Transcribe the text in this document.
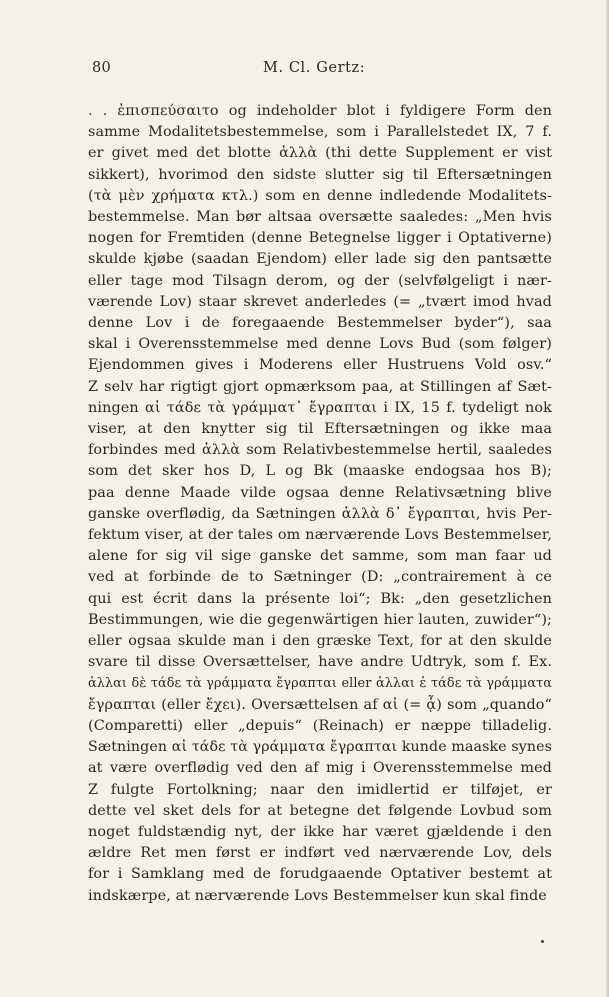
80	M. Cl. Gertz:
. . ἐπισπεύσαιτο og indeholder blot i fyldigere Form den
samme Modalitetsbestemmelse, som i Parallelstedet IX, 7 f.
er givet med det blotte ἀλλὰ (thi dette Supplement er vist
sikkert), hvorimod den sidste slutter sig til Eftersætningen
(τὰ μὲν χρήματα κτλ.) som en denne indledende Modalitets-
bestemmelse. Man bør altsaa oversætte saaledes: „Men hvis
nogen for Fremtiden (denne Betegnelse ligger i Optativerne)
skulde kjøbe (saadan Ejendom) eller lade sig den pantsætte
eller tage mod Tilsagn derom, og der (selvfølgeligt i nær-
værende Lov) staar skrevet anderledes (= „tvært imod hvad
denne Lov i de foregaaende Bestemmelser byder“), saa
skal i Overensstemmelse med denne Lovs Bud (som følger)
Ejendommen gives i Moderens eller Hustruens Vold osv.“
Z selv har rigtigt gjort opmærksom paa, at Stillingen af Sæt-
ningen αἰ τάδε τὰ γράμματ᾽ ἔγραπται i IX, 15 f. tydeligt nok
viser, at den knytter sig til Eftersætningen og ikke maa
forbindes med ἀλλὰ som Relativbestemmelse hertil, saaledes
som det sker hos D, L og Bk (maaske endogsaa hos B);
paa denne Maade vilde ogsaa denne Relativsætning blive
ganske overflødig, da Sætningen ἀλλὰ δ᾽ ἔγραπται, hvis Per-
fektum viser, at der tales om nærværende Lovs Bestemmelser,
alene for sig vil sige ganske det samme, som man faar ud
ved at forbinde de to Sætninger (D: „contrairement à ce
qui est écrit dans la présente loi“; Bk: „den gesetzlichen
Bestimmungen, wie die gegenwärtigen hier lauten, zuwider“);
eller ogsaa skulde man i den græske Text, for at den skulde
svare til disse Oversættelser, have andre Udtryk, som f. Ex.
ἀλλαι δὲ τάδε τὰ γράμματα ἔγραπται eller ἀλλαι ἐ τάδε τὰ γράμματα
ἔγραπται (eller ἔχει). Oversættelsen af αἰ (= ᾇ) som „quando“
(Comparetti) eller „depuis“ (Reinach) er næppe tilladelig.
Sætningen αἰ τάδε τὰ γράμματα ἔγραπται kunde maaske synes
at være overflødig ved den af mig i Overensstemmelse med
Z fulgte Fortolkning; naar den imidlertid er tilføjet, er
dette vel sket dels for at betegne det følgende Lovbud som
noget fuldstændig nyt, der ikke har været gjældende i den
ældre Ret men først er indført ved nærværende Lov, dels
for i Samklang med de forudgaaende Optativer bestemt at
indskærpe, at nærværende Lovs Bestemmelser kun skal finde
